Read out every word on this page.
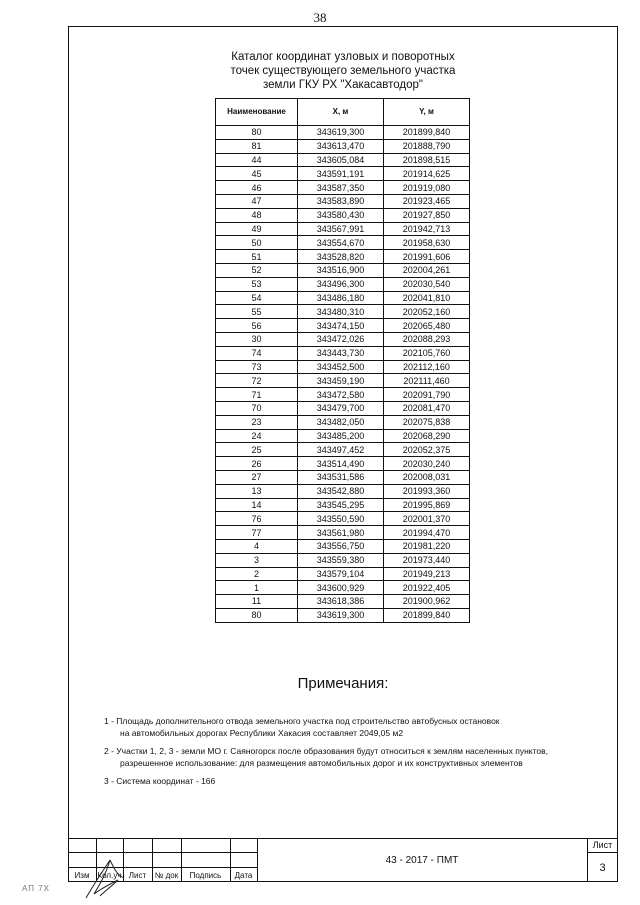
38
Каталог координат узловых и поворотных
точек существующего земельного участка
земли ГКУ РХ "Хакасавтодор"
Наименование	X, м	Y, м
80	343619,300	201899,840
81	343613,470	201888,790
44	343605,084	201898,515
45	343591,191	201914,625
46	343587,350	201919,080
47	343583,890	201923,465
48	343580,430	201927,850
49	343567,991	201942,713
50	343554,670	201958,630
51	343528,820	201991,606
52	343516,900	202004,261
53	343496,300	202030,540
54	343486,180	202041,810
55	343480,310	202052,160
56	343474,150	202065,480
30	343472,026	202088,293
74	343443,730	202105,760
73	343452,500	202112,160
72	343459,190	202111,460
71	343472,580	202091,790
70	343479,700	202081,470
23	343482,050	202075,838
24	343485,200	202068,290
25	343497,452	202052,375
26	343514,490	202030,240
27	343531,586	202008,031
13	343542,880	201993,360
14	343545,295	201995,869
76	343550,590	202001,370
77	343561,980	201994,470
4	343556,750	201981,220
3	343559,380	201973,440
2	343579,104	201949,213
1	343600,929	201922,405
11	343618,386	201900,962
80	343619,300	201899,840
Примечания:
1 - Площадь дополнительного отвода земельного участка под строительство автобусных остановок
на автомобильных дорогах Республики Хакасия составляет 2049,05 м2
2 - Участки 1, 2, 3 - земли МО г. Саяногорск после образования будут относиться к землям населенных пунктов,
разрешенное использование: для размещения автомобильных дорог и их конструктивных элементов
3 - Система координат - 166
Изм	Кол.уч Лист	№ док	Подпись	Дата
43 - 2017 - ПМТ
Лист
3
АП 7Х
